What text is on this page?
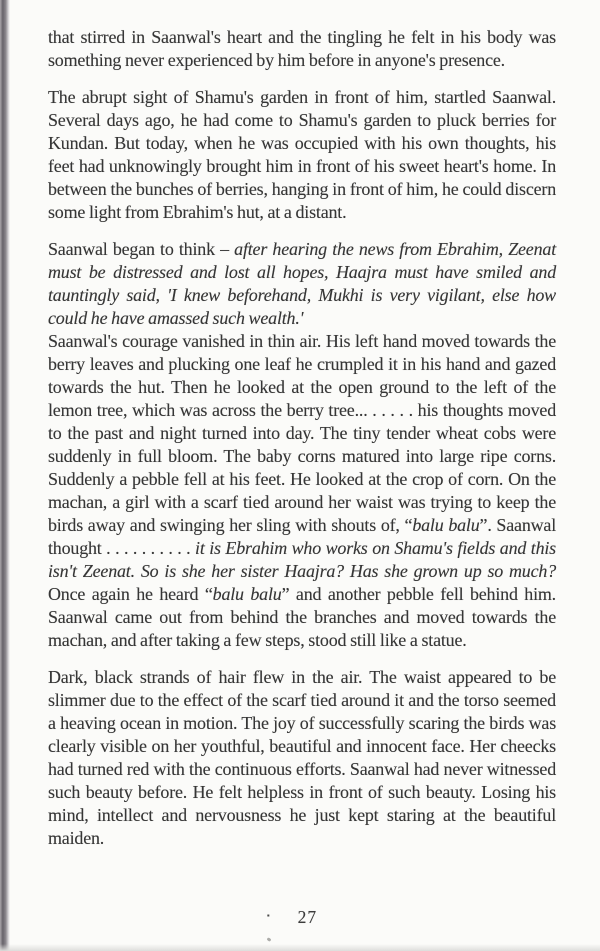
that stirred in Saanwal's heart and the tingling he felt in his body was something never experienced by him before in anyone's presence.

The abrupt sight of Shamu's garden in front of him, startled Saanwal. Several days ago, he had come to Shamu's garden to pluck berries for Kundan. But today, when he was occupied with his own thoughts, his feet had unknowingly brought him in front of his sweet heart's home. In between the bunches of berries, hanging in front of him, he could discern some light from Ebrahim's hut, at a distant.

Saanwal began to think – after hearing the news from Ebrahim, Zeenat must be distressed and lost all hopes, Haajra must have smiled and tauntingly said, 'I knew beforehand, Mukhi is very vigilant, else how could he have amassed such wealth.'

Saanwal's courage vanished in thin air. His left hand moved towards the berry leaves and plucking one leaf he crumpled it in his hand and gazed towards the hut. Then he looked at the open ground to the left of the lemon tree, which was across the berry tree... . . . . . his thoughts moved to the past and night turned into day. The tiny tender wheat cobs were suddenly in full bloom. The baby corns matured into large ripe corns. Suddenly a pebble fell at his feet. He looked at the crop of corn. On the machan, a girl with a scarf tied around her waist was trying to keep the birds away and swinging her sling with shouts of, “balu balu”. Saanwal thought . . . . . . . . . . it is Ebrahim who works on Shamu's fields and this isn't Zeenat. So is she her sister Haajra? Has she grown up so much? Once again he heard “balu balu” and another pebble fell behind him. Saanwal came out from behind the branches and moved towards the machan, and after taking a few steps, stood still like a statue.

Dark, black strands of hair flew in the air. The waist appeared to be slimmer due to the effect of the scarf tied around it and the torso seemed a heaving ocean in motion. The joy of successfully scaring the birds was clearly visible on her youthful, beautiful and innocent face. Her cheecks had turned red with the continuous efforts. Saanwal had never witnessed such beauty before. He felt helpless in front of such beauty. Losing his mind, intellect and nervousness he just kept staring at the beautiful maiden.

▪ 27
